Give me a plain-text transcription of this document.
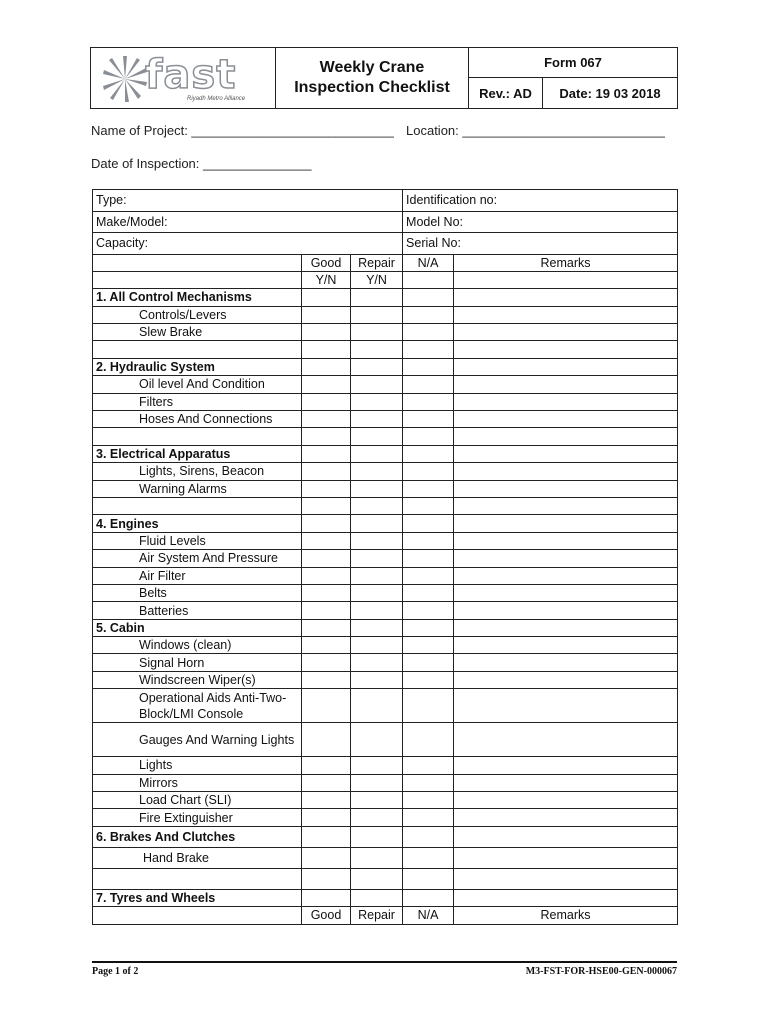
fast
Riyadh Metro Alliance
Weekly Crane
Inspection Checklist
Form 067
Rev.: AD	Date: 19 03 2018
Name of Project: ____________________________ Location: ____________________________
Date of Inspection: _______________
Type:			Identification no:	
Make/Model:			Model No:	
Capacity:			Serial No:	
	Good	Repair	N/A	Remarks
	Y/N	Y/N		
1. All Control Mechanisms				
Controls/Levers				
Slew Brake				

2. Hydraulic System				
Oil level And Condition				
Filters				
Hoses And Connections				

3. Electrical Apparatus				
Lights, Sirens, Beacon				
Warning Alarms				

4. Engines				
Fluid Levels				
Air System And Pressure				
Air Filter				
Belts				
Batteries				
5. Cabin				
Windows (clean)				
Signal Horn				
Windscreen Wiper(s)				
Operational Aids Anti-Two-Block/LMI Console				
Gauges And Warning Lights				
Lights				
Mirrors				
Load Chart (SLI)				
Fire Extinguisher				
6. Brakes And Clutches				
Hand Brake				

7. Tyres and Wheels				
	Good	Repair	N/A	Remarks
Page 1 of 2	M3-FST-FOR-HSE00-GEN-000067
